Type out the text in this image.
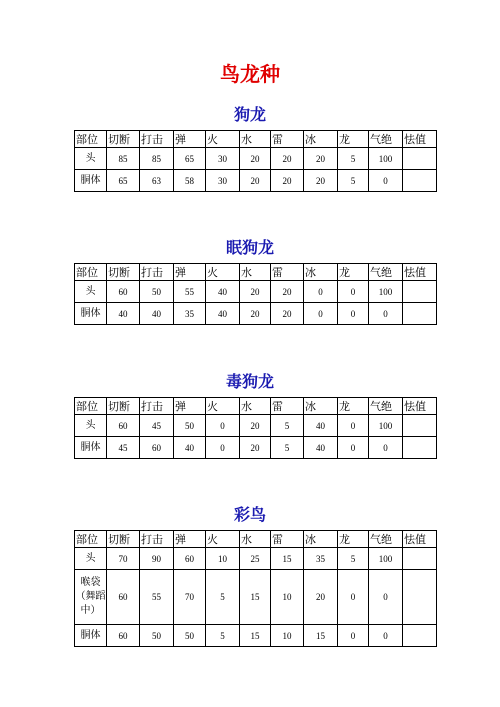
鸟龙种
狗龙
部位	切断	打击	弹	火	水	雷	冰	龙	气绝	怯值
头	85	85	65	30	20	20	20	5	100	
胴体	65	63	58	30	20	20	20	5	0	
眠狗龙
部位	切断	打击	弹	火	水	雷	冰	龙	气绝	怯值
头	60	50	55	40	20	20	0	0	100	
胴体	40	40	35	40	20	20	0	0	0	
毒狗龙
部位	切断	打击	弹	火	水	雷	冰	龙	气绝	怯值
头	60	45	50	0	20	5	40	0	100	
胴体	45	60	40	0	20	5	40	0	0	
彩鸟
部位	切断	打击	弹	火	水	雷	冰	龙	气绝	怯值
头	70	90	60	10	25	15	35	5	100	
喉袋（舞蹈中）	60	55	70	5	15	10	20	0	0	
胴体	60	50	50	5	15	10	15	0	0	
